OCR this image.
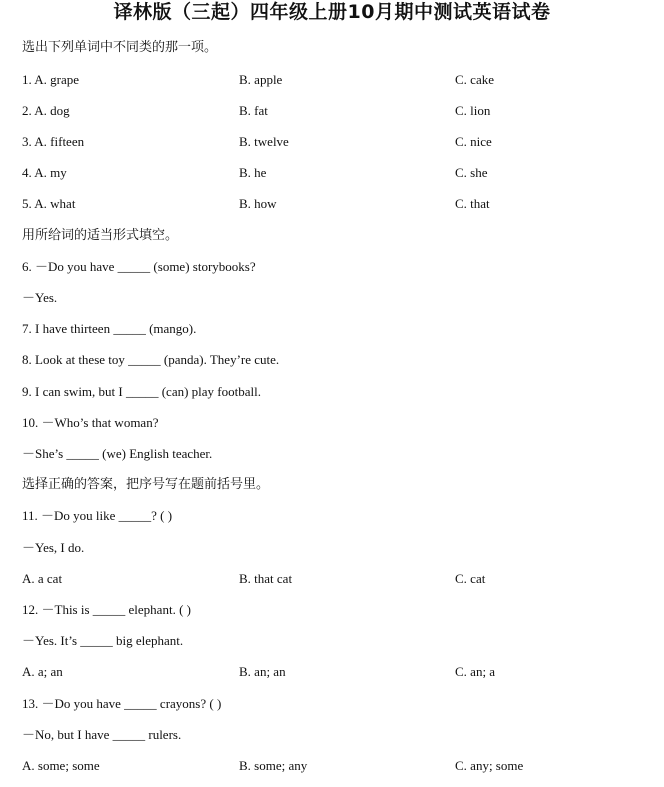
译林版（三起）四年级上册10月期中测试英语试卷
选出下列单词中不同类的那一项。
1. A. grape	B. apple	C. cake
2. A. dog	B. fat	C. lion
3. A. fifteen	B. twelve	C. nice
4. A. my	B. he	C. she
5. A. what	B. how	C. that
用所给词的适当形式填空。
6. －Do you have _____ (some) storybooks?
－Yes.
7. I have thirteen _____ (mango).
8. Look at these toy _____ (panda). They’re cute.
9. I can swim, but I _____ (can) play football.
10. －Who’s that woman?
－She’s _____ (we) English teacher.
选择正确的答案，把序号写在题前括号里。
11. －Do you like _____? ( )
－Yes, I do.
A. a cat	B. that cat	C. cat
12. －This is _____ elephant. ( )
－Yes. It’s _____ big elephant.
A. a; an	B. an; an	C. an; a
13. －Do you have _____ crayons? ( )
－No, but I have _____ rulers.
A. some; some	B. some; any	C. any; some
